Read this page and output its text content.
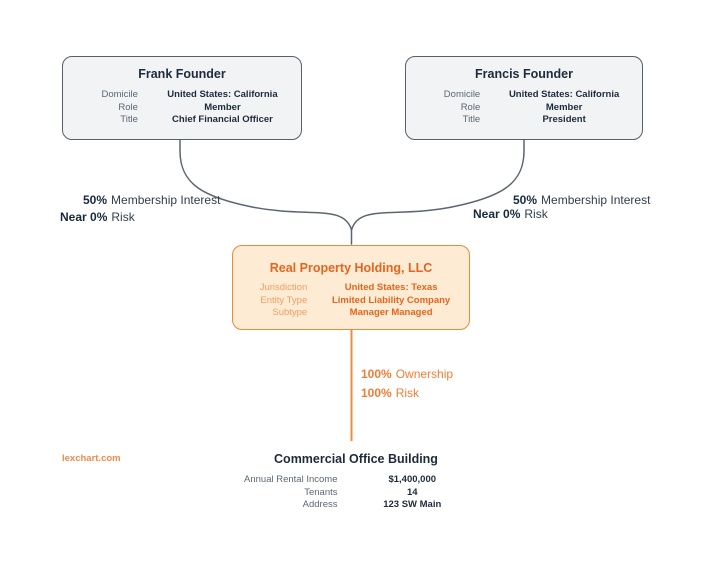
Frank Founder
Domicile	United States: California
Role	Member
Title	Chief Financial Officer
Francis Founder
Domicile	United States: California
Role	Member
Title	President
50% Membership Interest
Near 0% Risk
50% Membership Interest
Near 0% Risk
Real Property Holding, LLC
Jurisdiction	United States: Texas
Entity Type	Limited Liability Company
Subtype	Manager Managed
100% Ownership
100% Risk
Commercial Office Building
Annual Rental Income	$1,400,000
Tenants	14
Address	123 SW Main
lexchart.com
